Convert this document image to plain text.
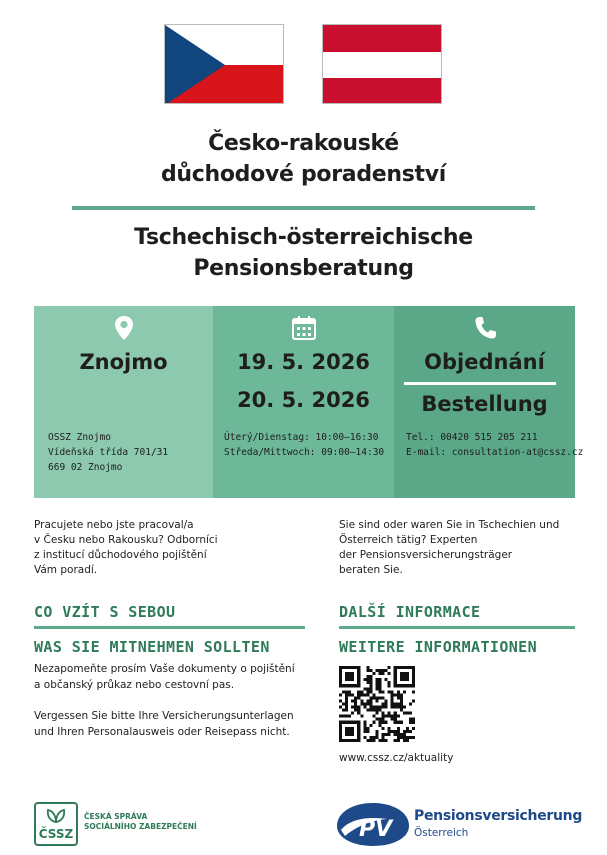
Česko-rakouské
důchodové poradenství
Tschechisch-österreichische
Pensionsberatung
Znojmo
OSSZ Znojmo
Vídeňská třída 701/31
669 02 Znojmo
19. 5. 2026
20. 5. 2026
Úterý/Dienstag: 10:00–16:30
Středa/Mittwoch: 09:00–14:30
Objednání
Bestellung
Tel.: 00420 515 205 211
E-mail: consultation-at@cssz.cz
Pracujete nebo jste pracoval/a
v Česku nebo Rakousku? Odborníci
z institucí důchodového pojištění
Vám poradí.
Sie sind oder waren Sie in Tschechien und
Österreich tätig? Experten
der Pensionsversicherungsträger
beraten Sie.
CO VZÍT S SEBOU
WAS SIE MITNEHMEN SOLLTEN
Nezapomeňte prosím Vaše dokumenty o pojištění
a občanský průkaz nebo cestovní pas.
Vergessen Sie bitte Ihre Versicherungsunterlagen
und Ihren Personalausweis oder Reisepass nicht.
DALŠÍ INFORMACE
WEITERE INFORMATIONEN
www.cssz.cz/aktuality
ČSSZ
ČESKÁ SPRÁVA
SOCIÁLNÍHO ZABEZPEČENÍ	PV
Pensionsversicherung
Österreich
